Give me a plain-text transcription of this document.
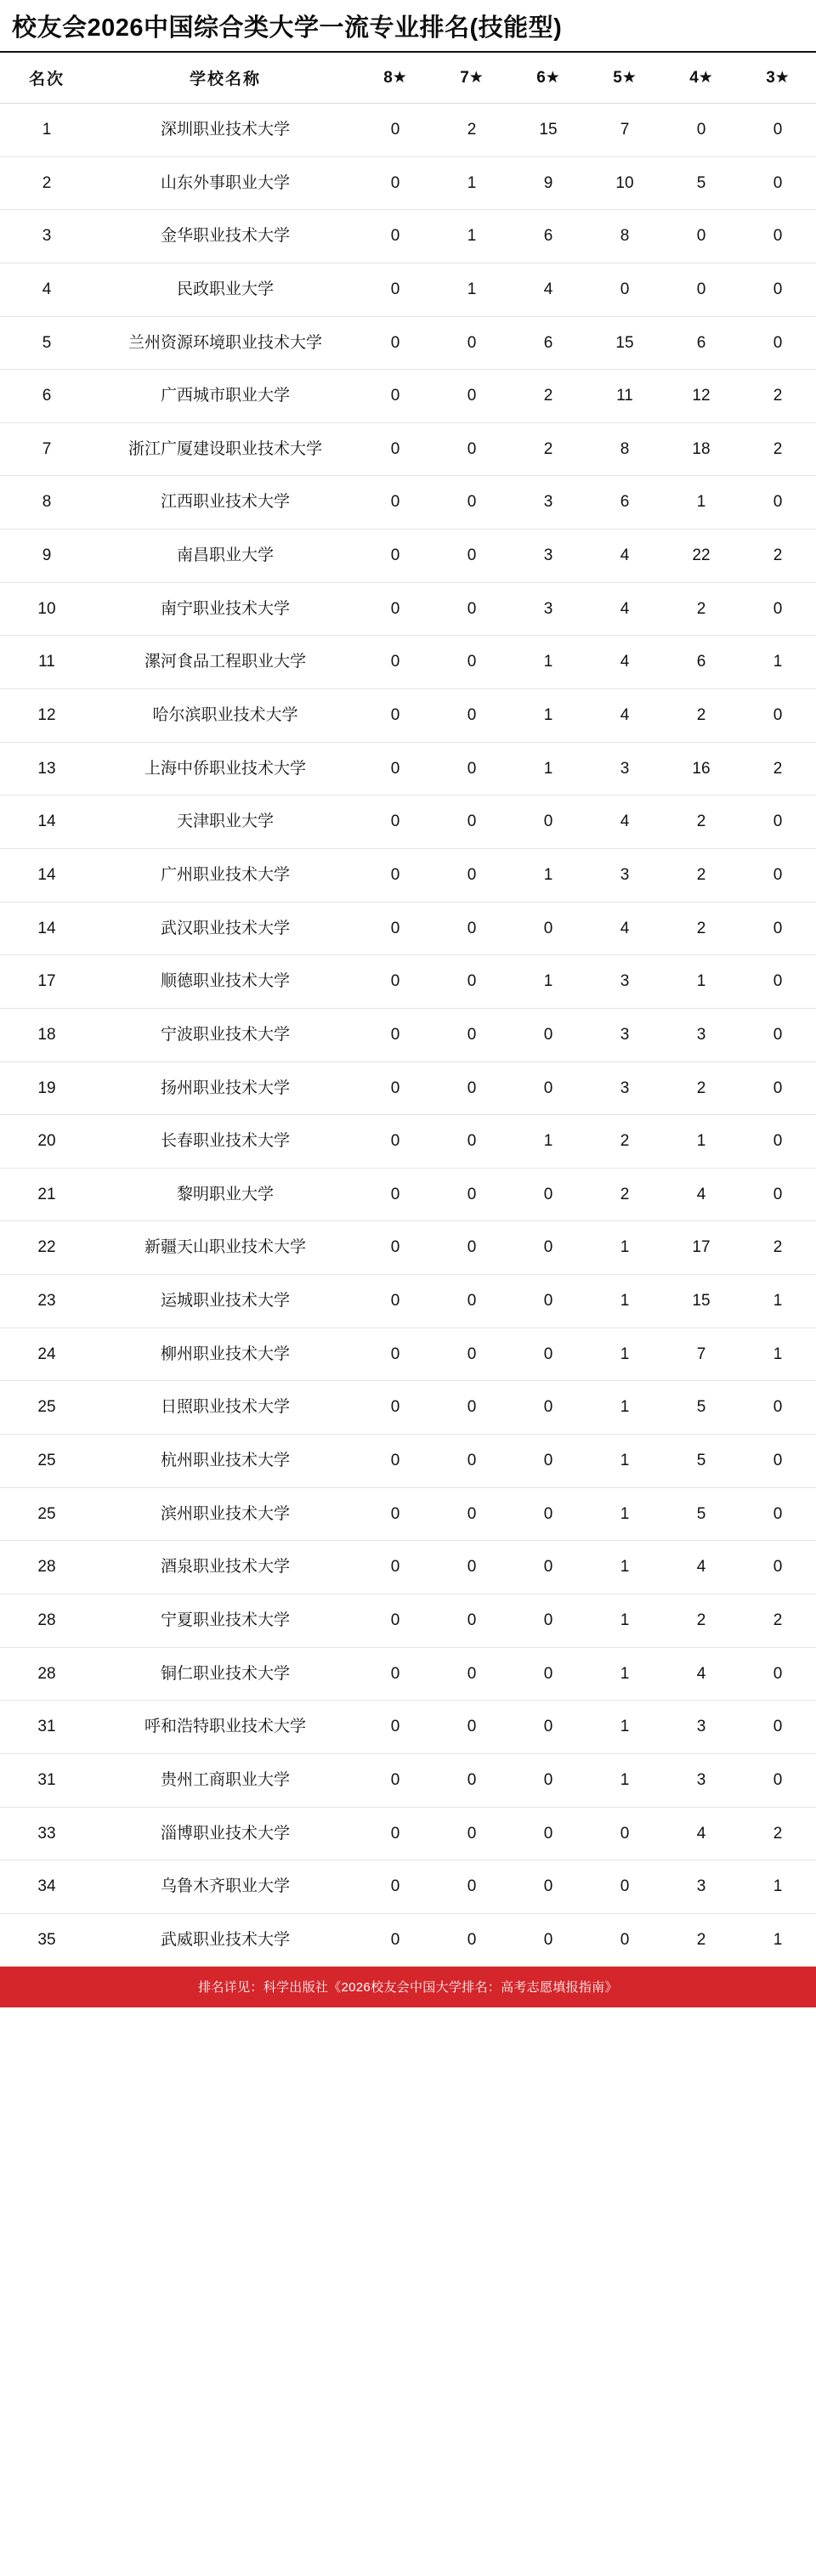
校友会2026中国综合类大学一流专业排名(技能型)
名次	学校名称	8★	7★	6★	5★	4★	3★
1	深圳职业技术大学	0	2	15	7	0	0
2	山东外事职业大学	0	1	9	10	5	0
3	金华职业技术大学	0	1	6	8	0	0
4	民政职业大学	0	1	4	0	0	0
5	兰州资源环境职业技术大学	0	0	6	15	6	0
6	广西城市职业大学	0	0	2	11	12	2
7	浙江广厦建设职业技术大学	0	0	2	8	18	2
8	江西职业技术大学	0	0	3	6	1	0
9	南昌职业大学	0	0	3	4	22	2
10	南宁职业技术大学	0	0	3	4	2	0
11	漯河食品工程职业大学	0	0	1	4	6	1
12	哈尔滨职业技术大学	0	0	1	4	2	0
13	上海中侨职业技术大学	0	0	1	3	16	2
14	天津职业大学	0	0	0	4	2	0
14	广州职业技术大学	0	0	1	3	2	0
14	武汉职业技术大学	0	0	0	4	2	0
17	顺德职业技术大学	0	0	1	3	1	0
18	宁波职业技术大学	0	0	0	3	3	0
19	扬州职业技术大学	0	0	0	3	2	0
20	长春职业技术大学	0	0	1	2	1	0
21	黎明职业大学	0	0	0	2	4	0
22	新疆天山职业技术大学	0	0	0	1	17	2
23	运城职业技术大学	0	0	0	1	15	1
24	柳州职业技术大学	0	0	0	1	7	1
25	日照职业技术大学	0	0	0	1	5	0
25	杭州职业技术大学	0	0	0	1	5	0
25	滨州职业技术大学	0	0	0	1	5	0
28	酒泉职业技术大学	0	0	0	1	4	0
28	宁夏职业技术大学	0	0	0	1	2	2
28	铜仁职业技术大学	0	0	0	1	4	0
31	呼和浩特职业技术大学	0	0	0	1	3	0
31	贵州工商职业大学	0	0	0	1	3	0
33	淄博职业技术大学	0	0	0	0	4	2
34	乌鲁木齐职业大学	0	0	0	0	3	1
35	武威职业技术大学	0	0	0	0	2	1
排名详见：科学出版社《2026校友会中国大学排名：高考志愿填报指南》
